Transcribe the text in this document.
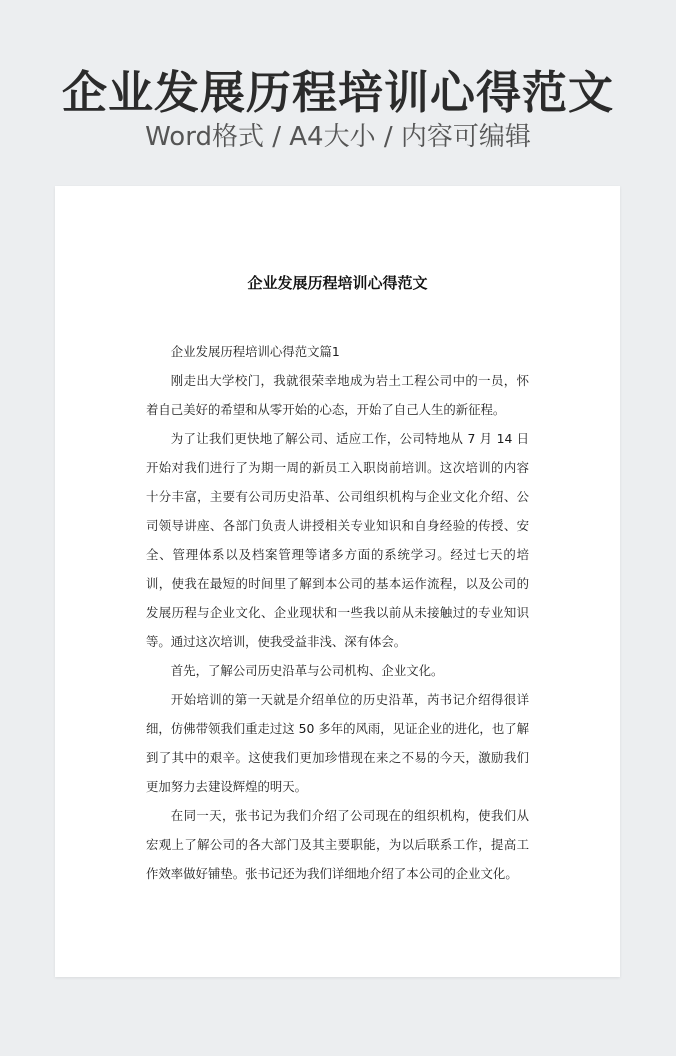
企业发展历程培训心得范文
Word格式 / A4大小 / 内容可编辑
企业发展历程培训心得范文

企业发展历程培训心得范文篇1

刚走出大学校门，我就很荣幸地成为岩土工程公司中的一员，怀着自己美好的希望和从零开始的心态，开始了自己人生的新征程。

为了让我们更快地了解公司、适应工作，公司特地从 7 月 14 日开始对我们进行了为期一周的新员工入职岗前培训。这次培训的内容十分丰富，主要有公司历史沿革、公司组织机构与企业文化介绍、公司领导讲座、各部门负责人讲授相关专业知识和自身经验的传授、安全、管理体系以及档案管理等诸多方面的系统学习。经过七天的培训，使我在最短的时间里了解到本公司的基本运作流程，以及公司的发展历程与企业文化、企业现状和一些我以前从未接触过的专业知识等。通过这次培训，使我受益非浅、深有体会。

首先，了解公司历史沿革与公司机构、企业文化。

开始培训的第一天就是介绍单位的历史沿革，芮书记介绍得很详细，仿佛带领我们重走过这 50 多年的风雨，见证企业的进化，也了解到了其中的艰辛。这使我们更加珍惜现在来之不易的今天，激励我们更加努力去建设辉煌的明天。

在同一天，张书记为我们介绍了公司现在的组织机构，使我们从宏观上了解公司的各大部门及其主要职能，为以后联系工作，提高工作效率做好铺垫。张书记还为我们详细地介绍了本公司的企业文化。
